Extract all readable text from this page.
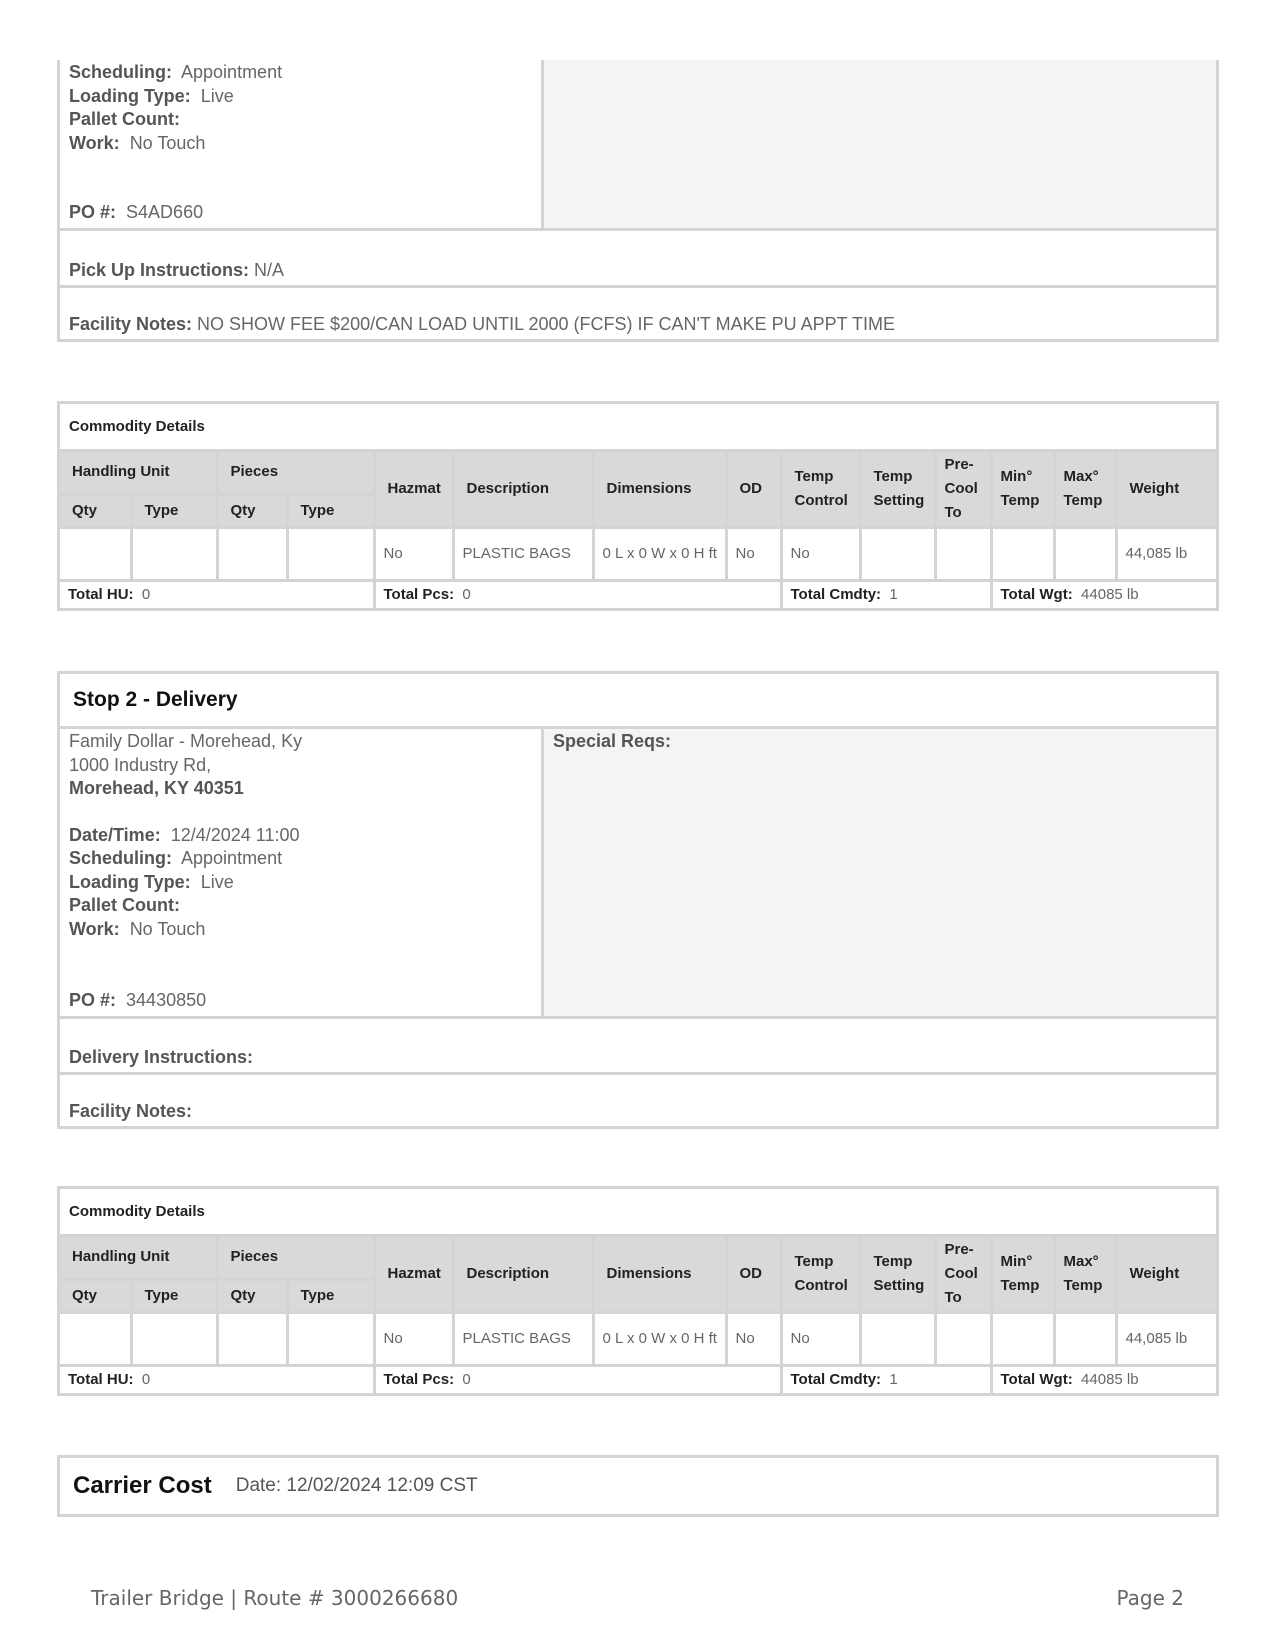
Scheduling: Appointment
Loading Type: Live
Pallet Count:
Work: No Touch
PO #: S4AD660
Pick Up Instructions:
N/A
Facility Notes:
NO SHOW FEE $200/CAN LOAD UNTIL 2000 (FCFS) IF CAN'T MAKE PU APPT TIME
Commodity Details													
Handling Unit		Pieces		Hazmat	Description	Dimensions	OD	Temp Control	Temp Setting	Pre-Cool To	Min° Temp	Max° Temp	Weight
Qty	Type	Qty	Type										
				No	PLASTIC BAGS	0 L x 0 W x 0 H ft	No	No					44,085 lb
Total HU: 0				Total Pcs: 0				Total Cmdty: 1			Total Wgt: 44085 lb		
Stop 2 - Delivery
Family Dollar - Morehead, Ky
1000 Industry Rd,
Morehead, KY 40351
Date/Time: 12/4/2024 11:00
Scheduling: Appointment
Loading Type: Live
Pallet Count:
Work: No Touch
PO #: 34430850
Special Reqs:
Delivery Instructions:

Facility Notes:

Commodity Details													
Handling Unit		Pieces		Hazmat	Description	Dimensions	OD	Temp Control	Temp Setting	Pre-Cool To	Min° Temp	Max° Temp	Weight
Qty	Type	Qty	Type										
				No	PLASTIC BAGS	0 L x 0 W x 0 H ft	No	No					44,085 lb
Total HU: 0				Total Pcs: 0				Total Cmdty: 1			Total Wgt: 44085 lb		
Carrier Cost Date: 12/02/2024 12:09 CST
Trailer Bridge | Route # 3000266680	Page 2
